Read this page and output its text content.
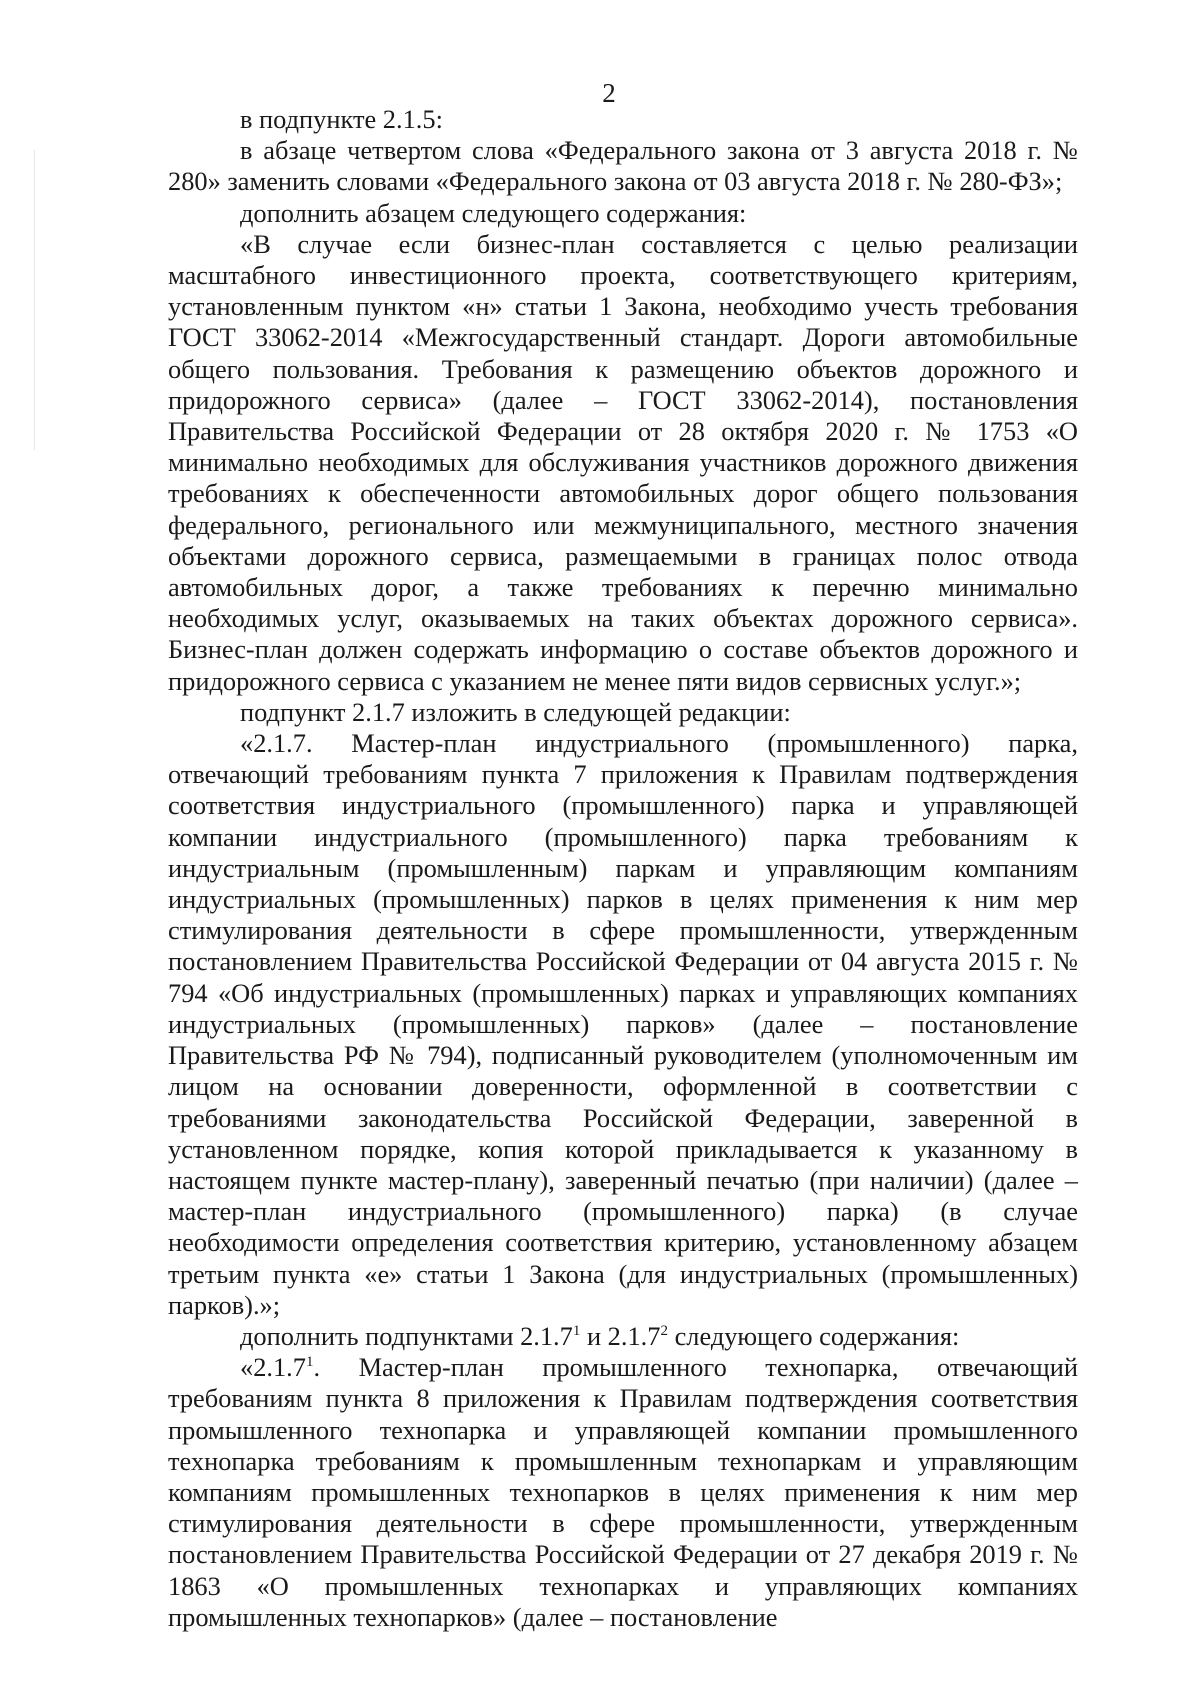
2

в подпункте 2.1.5:

в абзаце четвертом слова «Федерального закона от 3 августа 2018 г. № 280» заменить словами «Федерального закона от 03 августа 2018 г. № 280-ФЗ»;

дополнить абзацем следующего содержания:

«В случае если бизнес-план составляется с целью реализации масштабного инвестиционного проекта, соответствующего критериям, установленным пунктом «н» статьи 1 Закона, необходимо учесть требования ГОСТ 33062-2014 «Межгосударственный стандарт. Дороги автомобильные общего пользования. Требования к размещению объектов дорожного и придорожного сервиса» (далее – ГОСТ 33062-2014), постановления Правительства Российской Федерации от 28 октября 2020 г. № 1753 «О минимально необходимых для обслуживания участников дорожного движения требованиях к обеспеченности автомобильных дорог общего пользования федерального, регионального или межмуниципального, местного значения объектами дорожного сервиса, размещаемыми в границах полос отвода автомобильных дорог, а также требованиях к перечню минимально необходимых услуг, оказываемых на таких объектах дорожного сервиса». Бизнес-план должен содержать информацию о составе объектов дорожного и придорожного сервиса с указанием не менее пяти видов сервисных услуг.»;

подпункт 2.1.7 изложить в следующей редакции:

«2.1.7. Мастер-план индустриального (промышленного) парка, отвечающий требованиям пункта 7 приложения к Правилам подтверждения соответствия индустриального (промышленного) парка и управляющей компании индустриального (промышленного) парка требованиям к индустриальным (промышленным) паркам и управляющим компаниям индустриальных (промышленных) парков в целях применения к ним мер стимулирования деятельности в сфере промышленности, утвержденным постановлением Правительства Российской Федерации от 04 августа 2015 г. № 794 «Об индустриальных (промышленных) парках и управляющих компаниях индустриальных (промышленных) парков» (далее – постановление Правительства РФ № 794), подписанный руководителем (уполномоченным им лицом на основании доверенности, оформленной в соответствии с требованиями законодательства Российской Федерации, заверенной в установленном порядке, копия которой прикладывается к указанному в настоящем пункте мастер-плану), заверенный печатью (при наличии) (далее – мастер-план индустриального (промышленного) парка) (в случае необходимости определения соответствия критерию, установленному абзацем третьим пункта «е» статьи 1 Закона (для индустриальных (промышленных) парков).»;

дополнить подпунктами 2.1.7$^1$ и 2.1.7$^2$ следующего содержания:

«2.1.7$^1$. Мастер-план промышленного технопарка, отвечающий требованиям пункта 8 приложения к Правилам подтверждения соответствия промышленного технопарка и управляющей компании промышленного технопарка требованиям к промышленным технопаркам и управляющим компаниям промышленных технопарков в целях применения к ним мер стимулирования деятельности в сфере промышленности, утвержденным постановлением Правительства Российской Федерации от 27 декабря 2019 г. № 1863 «О промышленных технопарках и управляющих компаниях промышленных технопарков» (далее – постановление
